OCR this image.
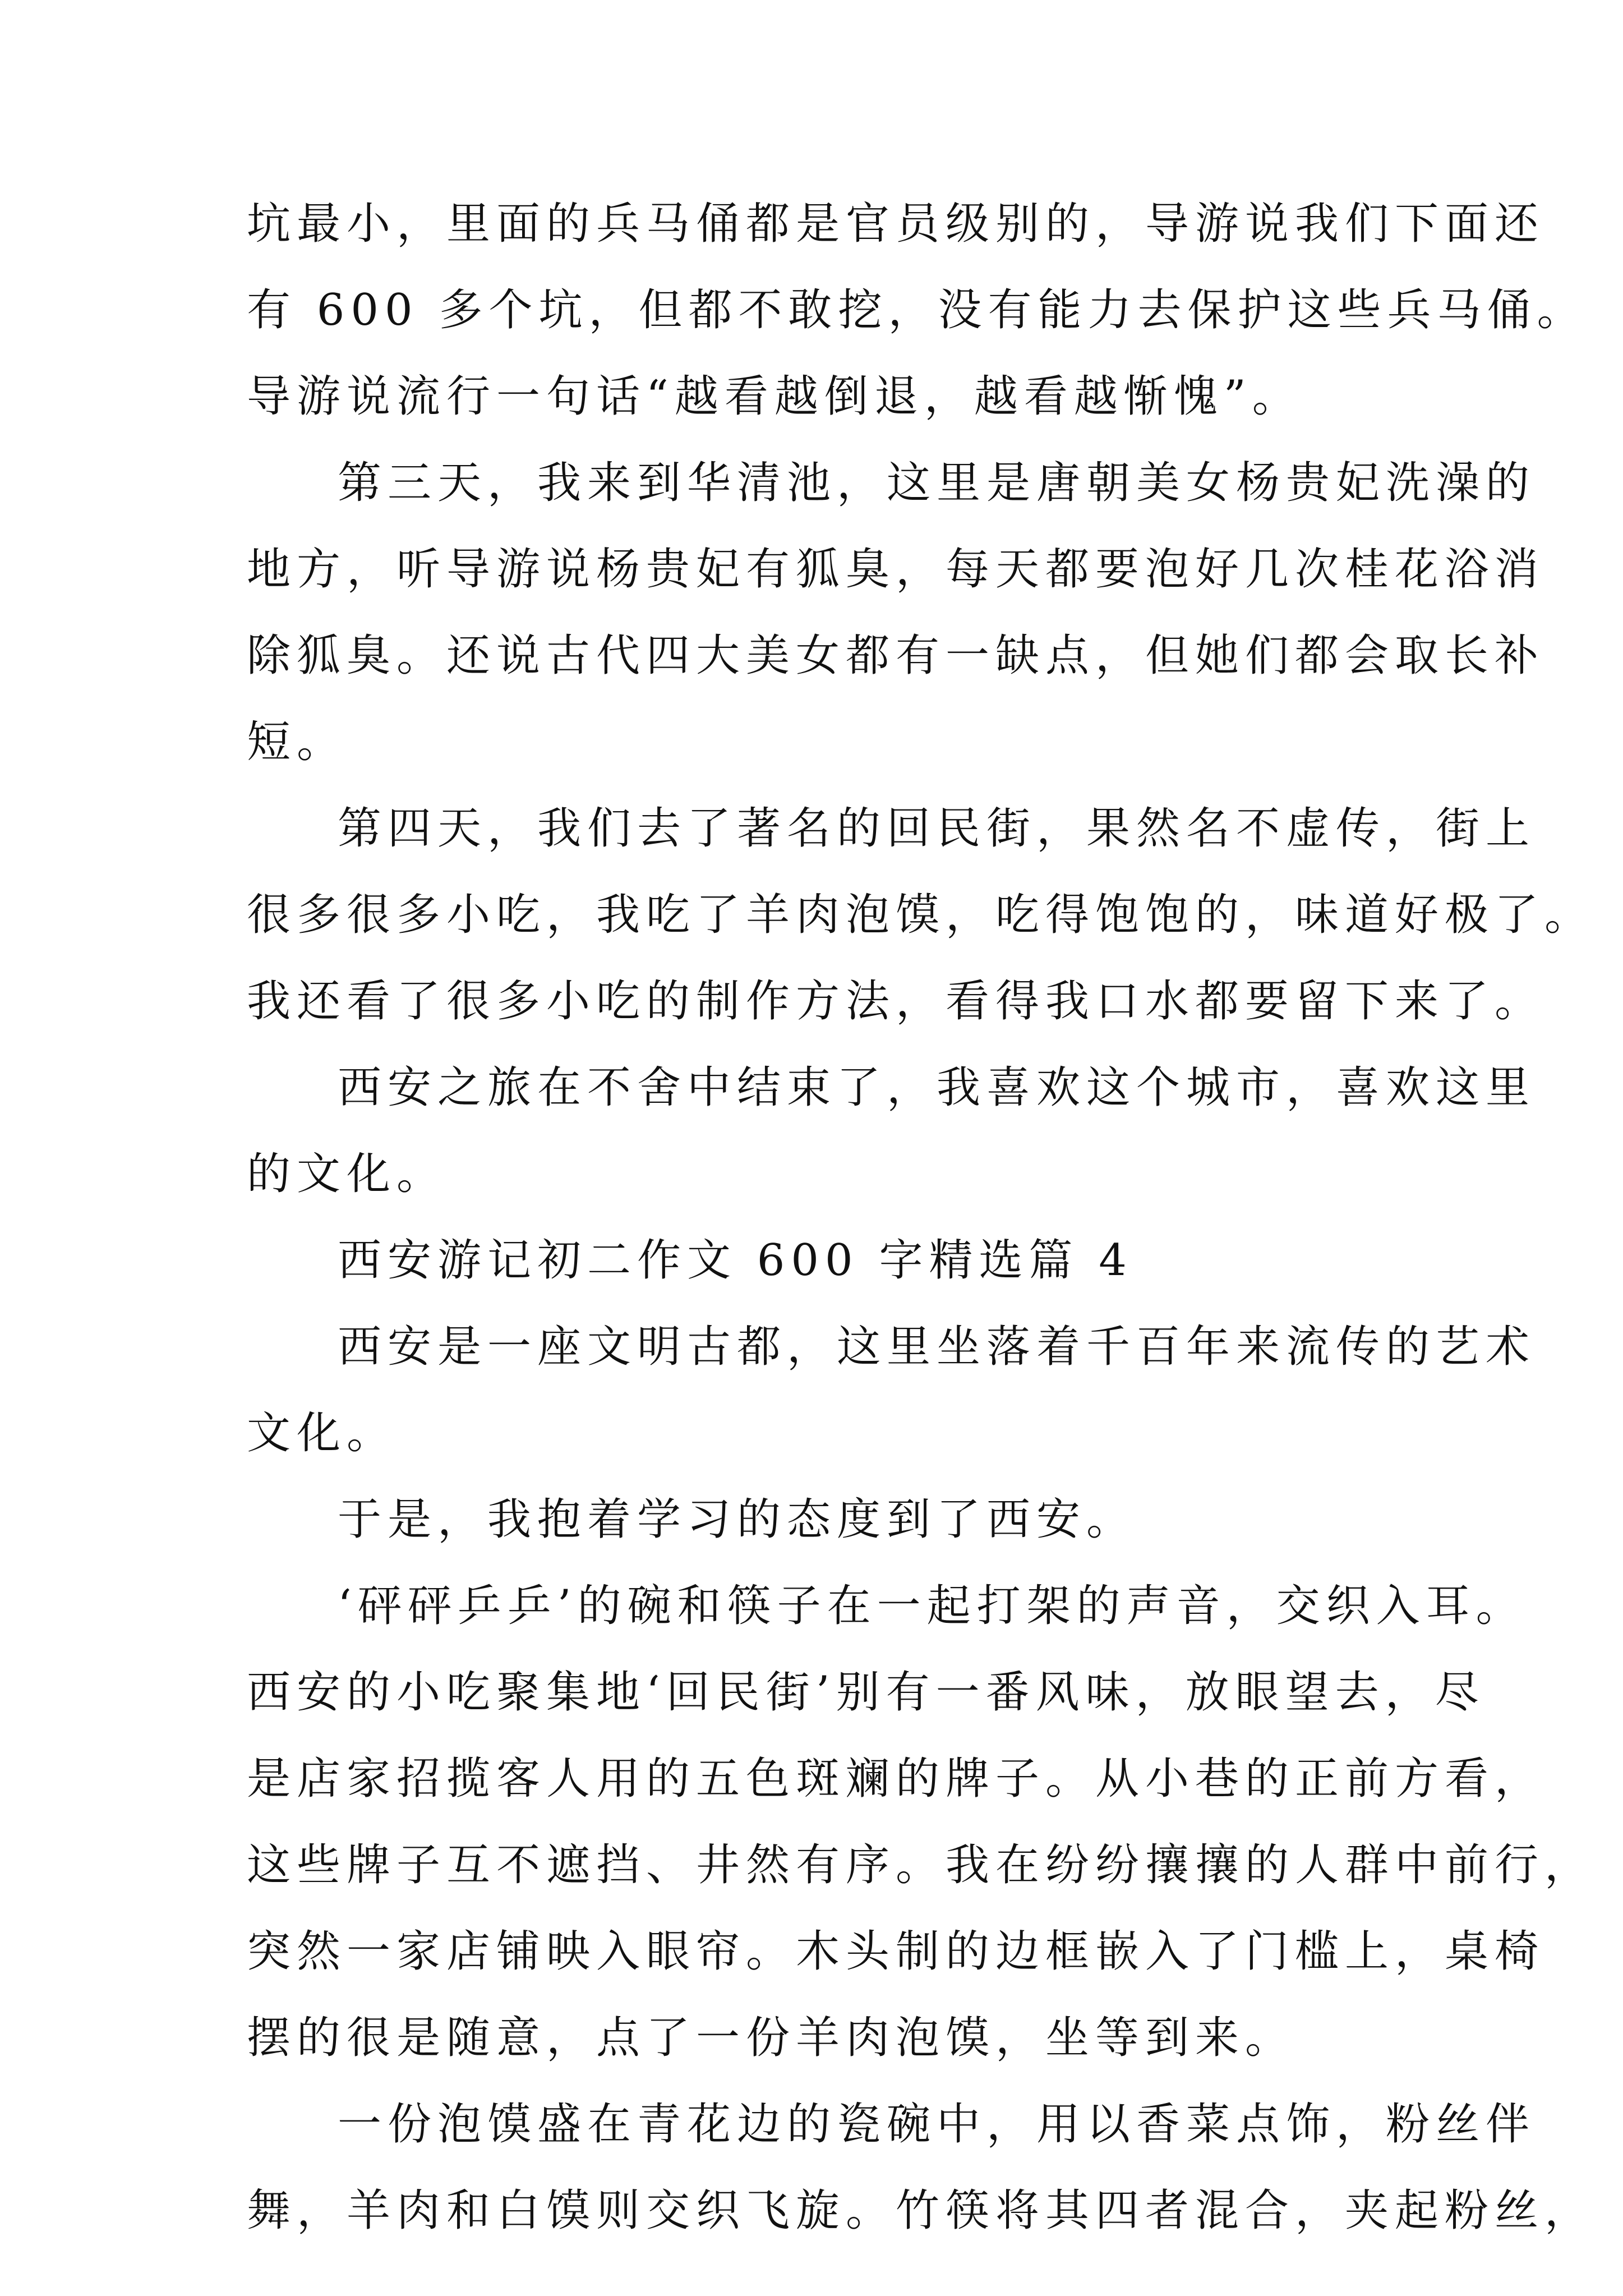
坑最小，里面的兵马俑都是官员级别的，导游说我们下面还
有 600 多个坑，但都不敢挖，没有能力去保护这些兵马俑。
导游说流行一句话“越看越倒退，越看越惭愧”。
第三天，我来到华清池，这里是唐朝美女杨贵妃洗澡的
地方，听导游说杨贵妃有狐臭，每天都要泡好几次桂花浴消
除狐臭。还说古代四大美女都有一缺点，但她们都会取长补
短。
第四天，我们去了著名的回民街，果然名不虚传，街上
很多很多小吃，我吃了羊肉泡馍，吃得饱饱的，味道好极了。
我还看了很多小吃的制作方法，看得我口水都要留下来了。
西安之旅在不舍中结束了，我喜欢这个城市，喜欢这里
的文化。
西安游记初二作文 600 字精选篇 4
西安是一座文明古都，这里坐落着千百年来流传的艺术
文化。
于是，我抱着学习的态度到了西安。
‘砰砰乒乒’的碗和筷子在一起打架的声音，交织入耳。
西安的小吃聚集地‘回民街’别有一番风味，放眼望去，尽
是店家招揽客人用的五色斑斓的牌子。从小巷的正前方看，
这些牌子互不遮挡、井然有序。我在纷纷攘攘的人群中前行，
突然一家店铺映入眼帘。木头制的边框嵌入了门槛上，桌椅
摆的很是随意，点了一份羊肉泡馍，坐等到来。
一份泡馍盛在青花边的瓷碗中，用以香菜点饰，粉丝伴
舞，羊肉和白馍则交织飞旋。竹筷将其四者混合，夹起粉丝，
